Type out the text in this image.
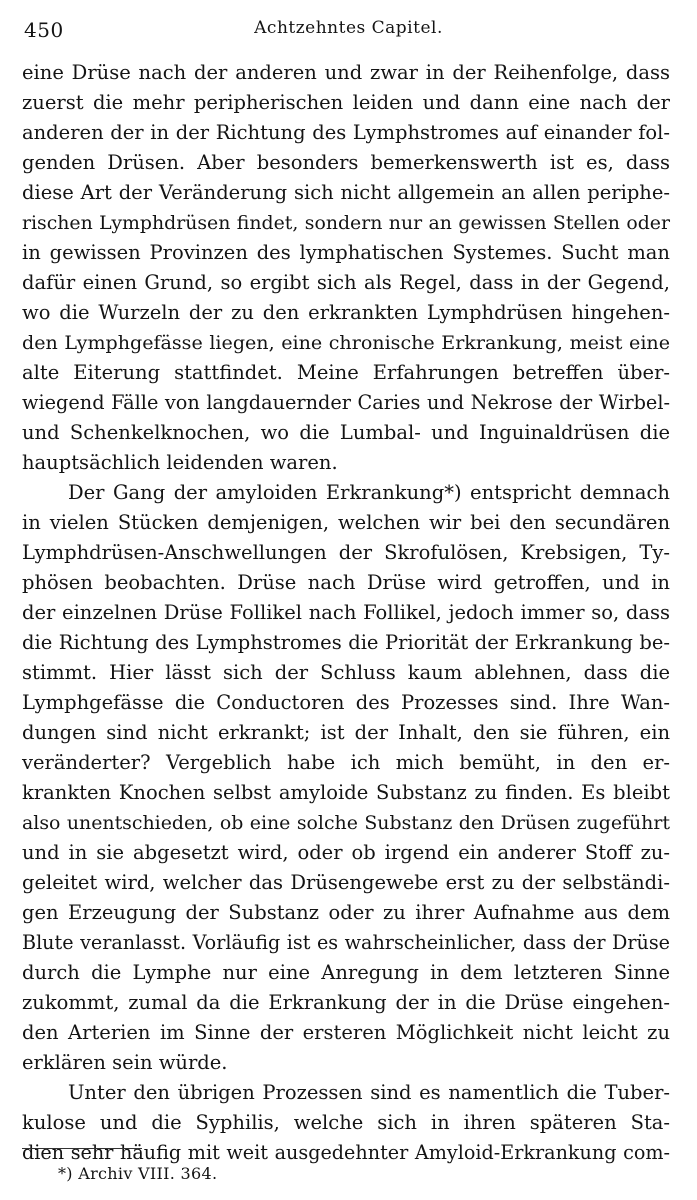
450	Achtzehntes Capitel.
eine Drüse nach der anderen und zwar in der Reihenfolge, dass
zuerst die mehr peripherischen leiden und dann eine nach der
anderen der in der Richtung des Lymphstromes auf einander fol-
genden Drüsen. Aber besonders bemerkenswerth ist es, dass
diese Art der Veränderung sich nicht allgemein an allen periphe-
rischen Lymphdrüsen findet, sondern nur an gewissen Stellen oder
in gewissen Provinzen des lymphatischen Systemes. Sucht man
dafür einen Grund, so ergibt sich als Regel, dass in der Gegend,
wo die Wurzeln der zu den erkrankten Lymphdrüsen hingehen-
den Lymphgefässe liegen, eine chronische Erkrankung, meist eine
alte Eiterung stattfindet. Meine Erfahrungen betreffen über-
wiegend Fälle von langdauernder Caries und Nekrose der Wirbel-
und Schenkelknochen, wo die Lumbal- und Inguinaldrüsen die
hauptsächlich leidenden waren.
Der Gang der amyloiden Erkrankung*) entspricht demnach
in vielen Stücken demjenigen, welchen wir bei den secundären
Lymphdrüsen-Anschwellungen der Skrofulösen, Krebsigen, Ty-
phösen beobachten. Drüse nach Drüse wird getroffen, und in
der einzelnen Drüse Follikel nach Follikel, jedoch immer so, dass
die Richtung des Lymphstromes die Priorität der Erkrankung be-
stimmt. Hier lässt sich der Schluss kaum ablehnen, dass die
Lymphgefässe die Conductoren des Prozesses sind. Ihre Wan-
dungen sind nicht erkrankt; ist der Inhalt, den sie führen, ein
veränderter? Vergeblich habe ich mich bemüht, in den er-
krankten Knochen selbst amyloide Substanz zu finden. Es bleibt
also unentschieden, ob eine solche Substanz den Drüsen zugeführt
und in sie abgesetzt wird, oder ob irgend ein anderer Stoff zu-
geleitet wird, welcher das Drüsengewebe erst zu der selbständi-
gen Erzeugung der Substanz oder zu ihrer Aufnahme aus dem
Blute veranlasst. Vorläufig ist es wahrscheinlicher, dass der Drüse
durch die Lymphe nur eine Anregung in dem letzteren Sinne
zukommt, zumal da die Erkrankung der in die Drüse eingehen-
den Arterien im Sinne der ersteren Möglichkeit nicht leicht zu
erklären sein würde.
Unter den übrigen Prozessen sind es namentlich die Tuber-
kulose und die Syphilis, welche sich in ihren späteren Sta-
dien sehr häufig mit weit ausgedehnter Amyloid-Erkrankung com-
*) Archiv VIII. 364.
